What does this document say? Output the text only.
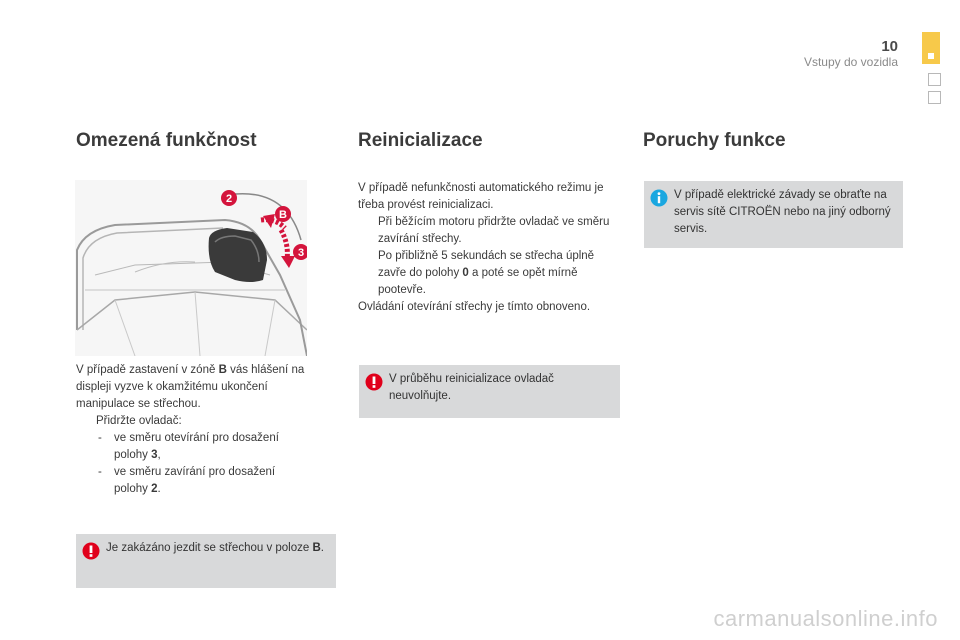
10
Vstupy do vozidla
Omezená funkčnost
2
B
3

V případě zastavení v zóně B vás hlášení na displeji vyzve k okamžitému ukončení manipulace se střechou.

Přidržte ovladač:

- ve směru otevírání pro dosažení polohy 3,

- ve směru zavírání pro dosažení polohy 2.

Je zakázáno jezdit se střechou v poloze B.
Reinicializace

V případě nefunkčnosti automatického režimu je třeba provést reinicializaci.

Při běžícím motoru přidržte ovladač ve směru zavírání střechy.

Po přibližně 5 sekundách se střecha úplně zavře do polohy 0 a poté se opět mírně pootevře.

Ovládání otevírání střechy je tímto obnoveno.

V průběhu reinicializace ovladač neuvolňujte.
Poruchy funkce
V případě elektrické závady se obraťte na servis sítě CITROËN nebo na jiný odborný servis.
carmanualsonline.info
